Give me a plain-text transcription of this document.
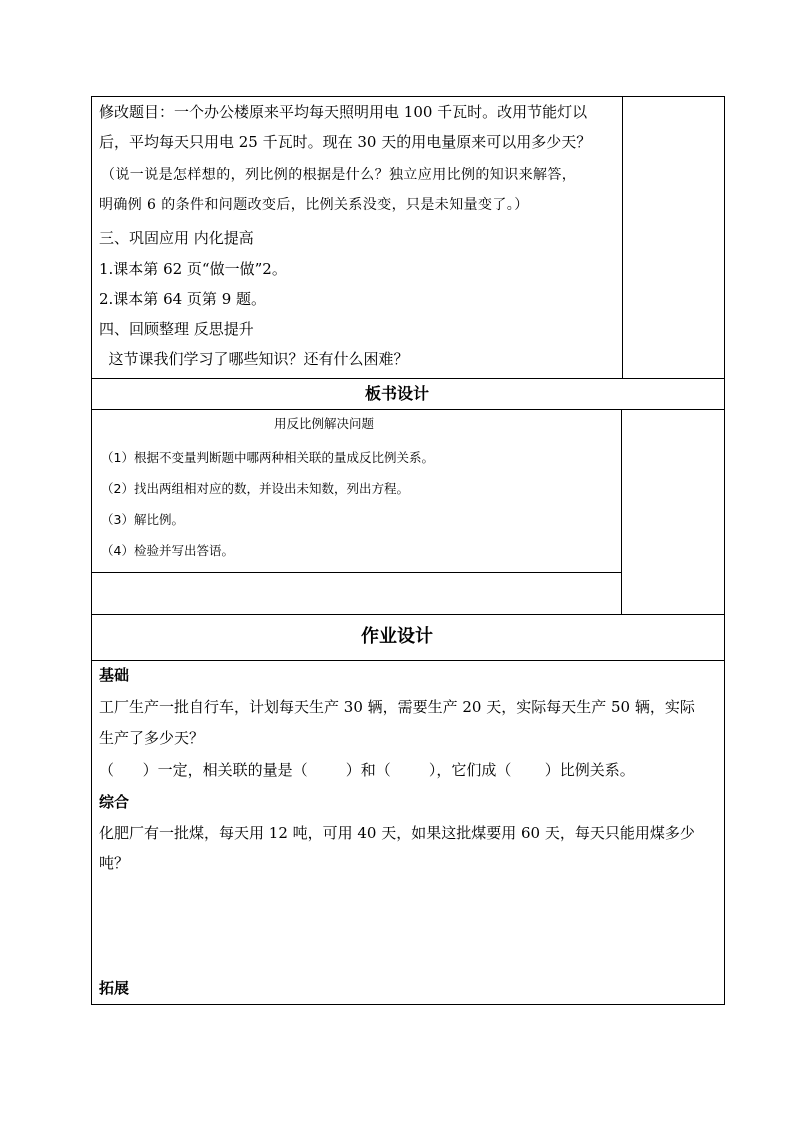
修改题目：一个办公楼原来平均每天照明用电 100 千瓦时。改用节能灯以
后，平均每天只用电 25 千瓦时。现在 30 天的用电量原来可以用多少天？
（说一说是怎样想的，列比例的根据是什么？独立应用比例的知识来解答，
明确例 6 的条件和问题改变后，比例关系没变，只是未知量变了。）
三、巩固应用 内化提高
1.课本第 62 页“做一做”2。
2.课本第 64 页第 9 题。
四、回顾整理 反思提升
这节课我们学习了哪些知识？还有什么困难？
板书设计
用反比例解决问题
（1）根据不变量判断题中哪两种相关联的量成反比例关系。
（2）找出两组相对应的数，并设出未知数，列出方程。
（3）解比例。
（4）检验并写出答语。
作业设计
基础
工厂生产一批自行车，计划每天生产 30 辆，需要生产 20 天，实际每天生产 50 辆，实际
生产了多少天？
（      ）一定，相关联的量是（        ）和（        ），它们成（       ）比例关系。
综合
化肥厂有一批煤，每天用 12 吨，可用 40 天，如果这批煤要用 60 天，每天只能用煤多少
吨？
拓展
